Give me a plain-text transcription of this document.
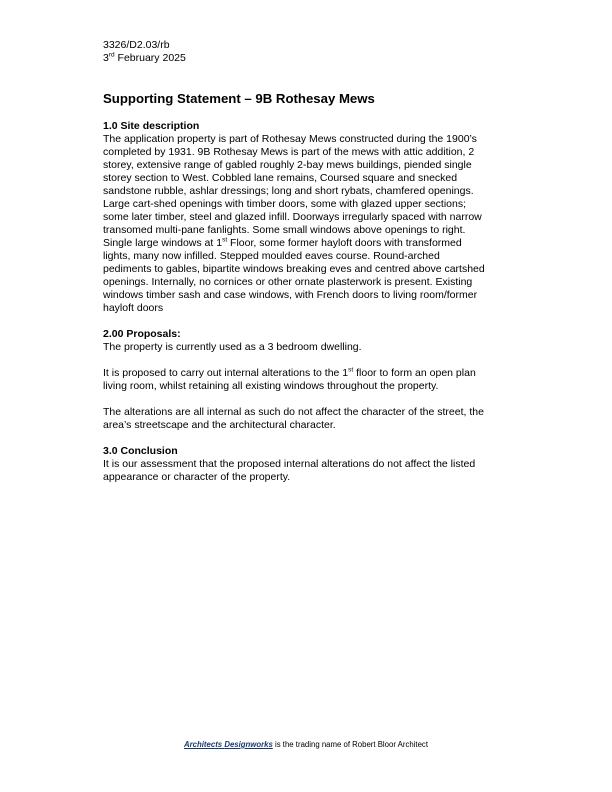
3326/D2.03/rb

3rd February 2025

Supporting Statement – 9B Rothesay Mews

1.0 Site description

The application property is part of Rothesay Mews constructed during the 1900’s completed by 1931. 9B Rothesay Mews is part of the mews with attic addition, 2 storey, extensive range of gabled roughly 2-bay mews buildings, piended single storey section to West. Cobbled lane remains, Coursed square and snecked sandstone rubble, ashlar dressings; long and short rybats, chamfered openings. Large cart-shed openings with timber doors, some with glazed upper sections; some later timber, steel and glazed infill. Doorways irregularly spaced with narrow transomed multi-pane fanlights. Some small windows above openings to right. Single large windows at 1st Floor, some former hayloft doors with transformed lights, many now infilled. Stepped moulded eaves course. Round-arched pediments to gables, bipartite windows breaking eves and centred above cartshed openings. Internally, no cornices or other ornate plasterwork is present. Existing windows timber sash and case windows, with French doors to living room/former hayloft doors

2.00 Proposals:

The property is currently used as a 3 bedroom dwelling.

It is proposed to carry out internal alterations to the 1st floor to form an open plan living room, whilst retaining all existing windows throughout the property.

The alterations are all internal as such do not affect the character of the street, the area’s streetscape and the architectural character.

3.0 Conclusion

It is our assessment that the proposed internal alterations do not affect the listed appearance or character of the property.

Architects Designworks is the trading name of Robert Bloor Architect
